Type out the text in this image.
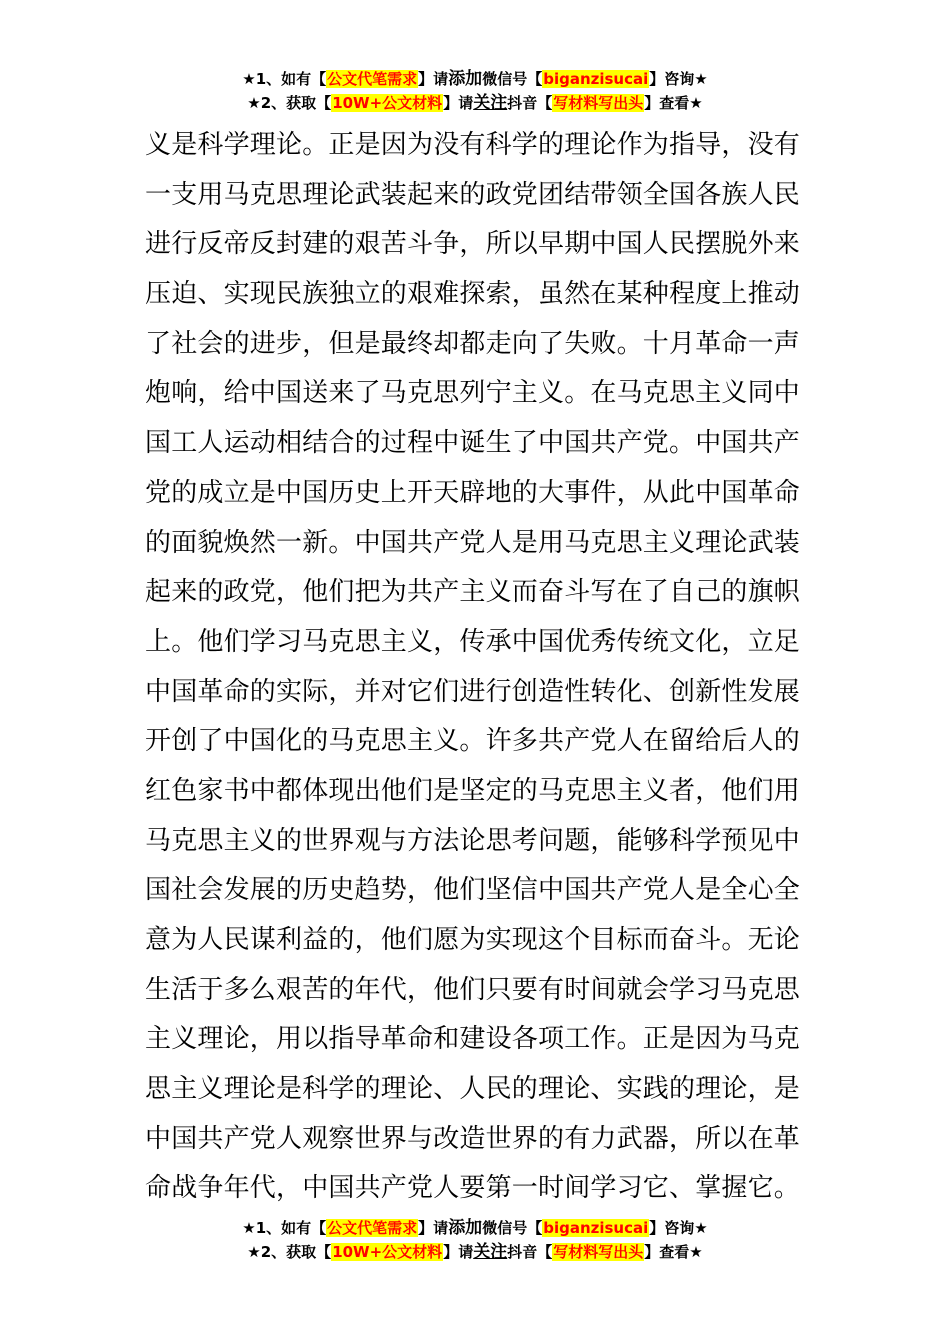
★1、如有【公文代笔需求】请添加微信号【biganzisucai】咨询★
★2、获取【10W+公文材料】请关注抖音【写材料写出头】查看★
义是科学理论。正是因为没有科学的理论作为指导，没有
一支用马克思理论武装起来的政党团结带领全国各族人民
进行反帝反封建的艰苦斗争，所以早期中国人民摆脱外来
压迫、实现民族独立的艰难探索，虽然在某种程度上推动
了社会的进步，但是最终却都走向了失败。十月革命一声
炮响，给中国送来了马克思列宁主义。在马克思主义同中
国工人运动相结合的过程中诞生了中国共产党。中国共产
党的成立是中国历史上开天辟地的大事件，从此中国革命
的面貌焕然一新。中国共产党人是用马克思主义理论武装
起来的政党，他们把为共产主义而奋斗写在了自己的旗帜
上。他们学习马克思主义，传承中国优秀传统文化，立足
中国革命的实际，并对它们进行创造性转化、创新性发展
开创了中国化的马克思主义。许多共产党人在留给后人的
红色家书中都体现出他们是坚定的马克思主义者，他们用
马克思主义的世界观与方法论思考问题，能够科学预见中
国社会发展的历史趋势，他们坚信中国共产党人是全心全
意为人民谋利益的，他们愿为实现这个目标而奋斗。无论
生活于多么艰苦的年代，他们只要有时间就会学习马克思
主义理论，用以指导革命和建设各项工作。正是因为马克
思主义理论是科学的理论、人民的理论、实践的理论，是
中国共产党人观察世界与改造世界的有力武器，所以在革
命战争年代，中国共产党人要第一时间学习它、掌握它。
★1、如有【公文代笔需求】请添加微信号【biganzisucai】咨询★
★2、获取【10W+公文材料】请关注抖音【写材料写出头】查看★
